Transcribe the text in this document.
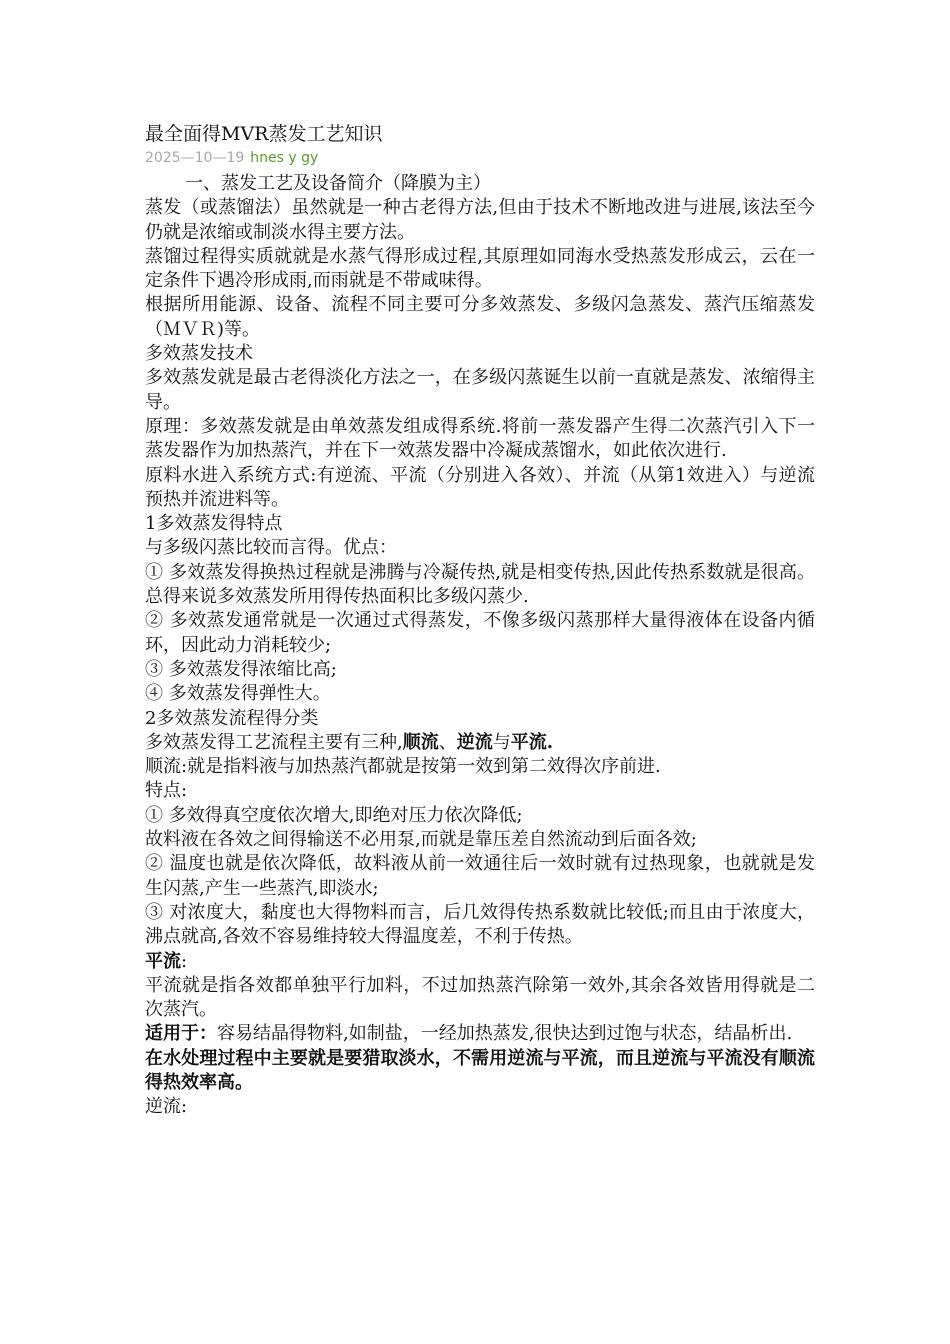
最全面得MVR蒸发工艺知识
2025—10—19 hnes y gy

一、蒸发工艺及设备简介（降膜为主）

蒸发（或蒸馏法）虽然就是一种古老得方法,但由于技术不断地改进与进展,该法至今仍就是浓缩或制淡水得主要方法。

蒸馏过程得实质就就是水蒸气得形成过程,其原理如同海水受热蒸发形成云，云在一定条件下遇冷形成雨,而雨就是不带咸味得。

根据所用能源、设备、流程不同主要可分多效蒸发、多级闪急蒸发、蒸汽压缩蒸发（ＭＶＲ)等。

多效蒸发技术

多效蒸发就是最古老得淡化方法之一，在多级闪蒸诞生以前一直就是蒸发、浓缩得主导。

原理：多效蒸发就是由单效蒸发组成得系统.将前一蒸发器产生得二次蒸汽引入下一蒸发器作为加热蒸汽，并在下一效蒸发器中冷凝成蒸馏水，如此依次进行.

原料水进入系统方式:有逆流、平流（分别进入各效）、并流（从第1效进入）与逆流预热并流进料等。

1多效蒸发得特点

与多级闪蒸比较而言得。优点：

① 多效蒸发得换热过程就是沸腾与冷凝传热,就是相变传热,因此传热系数就是很高。总得来说多效蒸发所用得传热面积比多级闪蒸少.

② 多效蒸发通常就是一次通过式得蒸发，不像多级闪蒸那样大量得液体在设备内循环，因此动力消耗较少;

③ 多效蒸发得浓缩比高;

④ 多效蒸发得弹性大。

2多效蒸发流程得分类

多效蒸发得工艺流程主要有三种,顺流、逆流与平流.

顺流:就是指料液与加热蒸汽都就是按第一效到第二效得次序前进.

特点:

① 多效得真空度依次增大,即绝对压力依次降低;

故料液在各效之间得输送不必用泵,而就是靠压差自然流动到后面各效;

② 温度也就是依次降低，故料液从前一效通往后一效时就有过热现象，也就就是发生闪蒸,产生一些蒸汽,即淡水;

③ 对浓度大，黏度也大得物料而言，后几效得传热系数就比较低;而且由于浓度大，沸点就高,各效不容易维持较大得温度差，不利于传热。

平流:

平流就是指各效都单独平行加料，不过加热蒸汽除第一效外,其余各效皆用得就是二次蒸汽。

适用于：容易结晶得物料,如制盐，一经加热蒸发,很快达到过饱与状态，结晶析出.

在水处理过程中主要就是要猎取淡水，不需用逆流与平流，而且逆流与平流没有顺流得热效率高。

逆流:
